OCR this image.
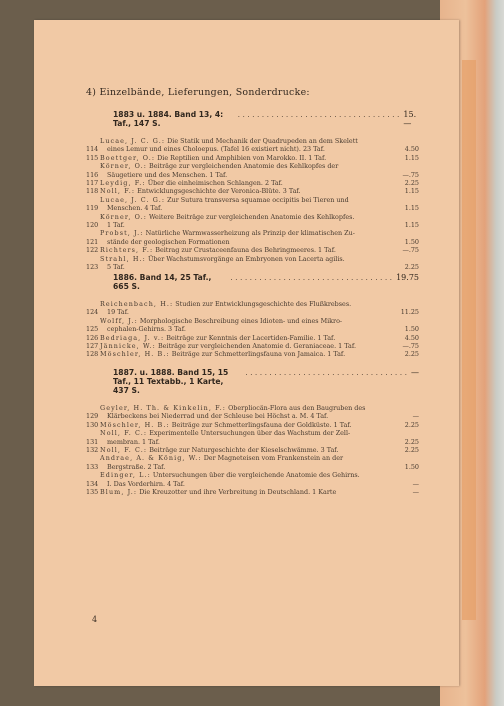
4) Einzelbände, Lieferungen, Sonderdrucke:
1883 u. 1884. Band 13, 4: Taf., 147 S.
. . . . . . . . . . . . . . . . . . . . . . . . . . . . . . . . . . 15.—
114
Lucae, J. C. G.: Die Statik und Mechanik der Quadrupeden an dem Skelett
eines Lemur und eines Choloepus. (Tafel 16 existiert nicht). 23 Taf.	4.50
115 Boettger, O.: Die Reptilien und Amphibien von Marokko. II. 1 Taf.	1.15
116
Körner, O.: Beiträge zur vergleichenden Anatomie des Kehlkopfes der
Säugetiere und des Menschen. 1 Taf.	—.75
117 Leydig, F.: Über die einheimischen Schlangen. 2 Taf.	2.25
118 Noll, F.: Entwicklungsgeschichte der Veronica-Blüte. 3 Taf.	1.15
119
Lucae, J. C. G.: Zur Sutura transversa squamae occipitis bei Tieren und
Menschen. 4 Taf.	1.15
120
Körner, O.: Weitere Beiträge zur vergleichenden Anatomie des Kehlkopfes.
1 Taf.	1.15
121
Probst, J.: Natürliche Warmwasserheizung als Prinzip der klimatischen Zu-
stände der geologischen Formationen	1.50
122 Richters, F.: Beitrag zur Crustaceenfauna des Behringmeeres. 1 Taf.	—.75
123
Strahl, H.: Über Wachstumsvorgänge an Embryonen von Lacerta agilis.
5 Taf.	2.25
1886. Band 14, 25 Taf., 665 S.
. . . . . . . . . . . . . . . . . . . . . . . . . . . . . . . . . . 19.75
124
Reichenbach, H.: Studien zur Entwicklungsgeschichte des Flußkrebses.
19 Taf.	11.25
125
Wolff, J.: Morphologische Beschreibung eines Idioten- und eines Mikro-
cephalen-Gehirns. 3 Taf.	1.50
126 Bedriaga, J. v.: Beiträge zur Kenntnis der Lacertiden-Familie. 1 Taf.	4.50
127 Jännicke, W.: Beiträge zur vergleichenden Anatomie d. Geraniaceae. 1 Taf.	—.75
128 Möschler, H. B.: Beiträge zur Schmetterlingsfauna von Jamaica. 1 Taf.	2.25
1887. u. 1888. Band 15, 15 Taf., 11 Textabb., 1 Karte, 437 S.
. . . . . . . . . . . . . . . . . . . . . . . . . . . . . . . . . . —
129
Geyler, H. Th. & Kinkelin, F.: Oberpliocän-Flora aus den Baugruben des
Klärbeckens bei Niederrad und der Schleuse bei Höchst a. M. 4 Taf.	—
130 Möschler, H. B.: Beiträge zur Schmetterlingsfauna der Goldküste. 1 Taf.	2.25
131
Noll, F. C.: Experimentelle Untersuchungen über das Wachstum der Zell-
membran. 1 Taf.	2.25
132 Noll, F. C.: Beiträge zur Naturgeschichte der Kieselschwämme. 3 Taf.	2.25
133
Andrae, A. & König, W.: Der Magneteisen vom Frankenstein an der
Bergstraße. 2 Taf.	1.50
134
Edinger, L.: Untersuchungen über die vergleichende Anatomie des Gehirns.
I. Das Vorderhirn. 4 Taf.	—
135 Blum, J.: Die Kreuzotter und ihre Verbreitung in Deutschland. 1 Karte	—
4
